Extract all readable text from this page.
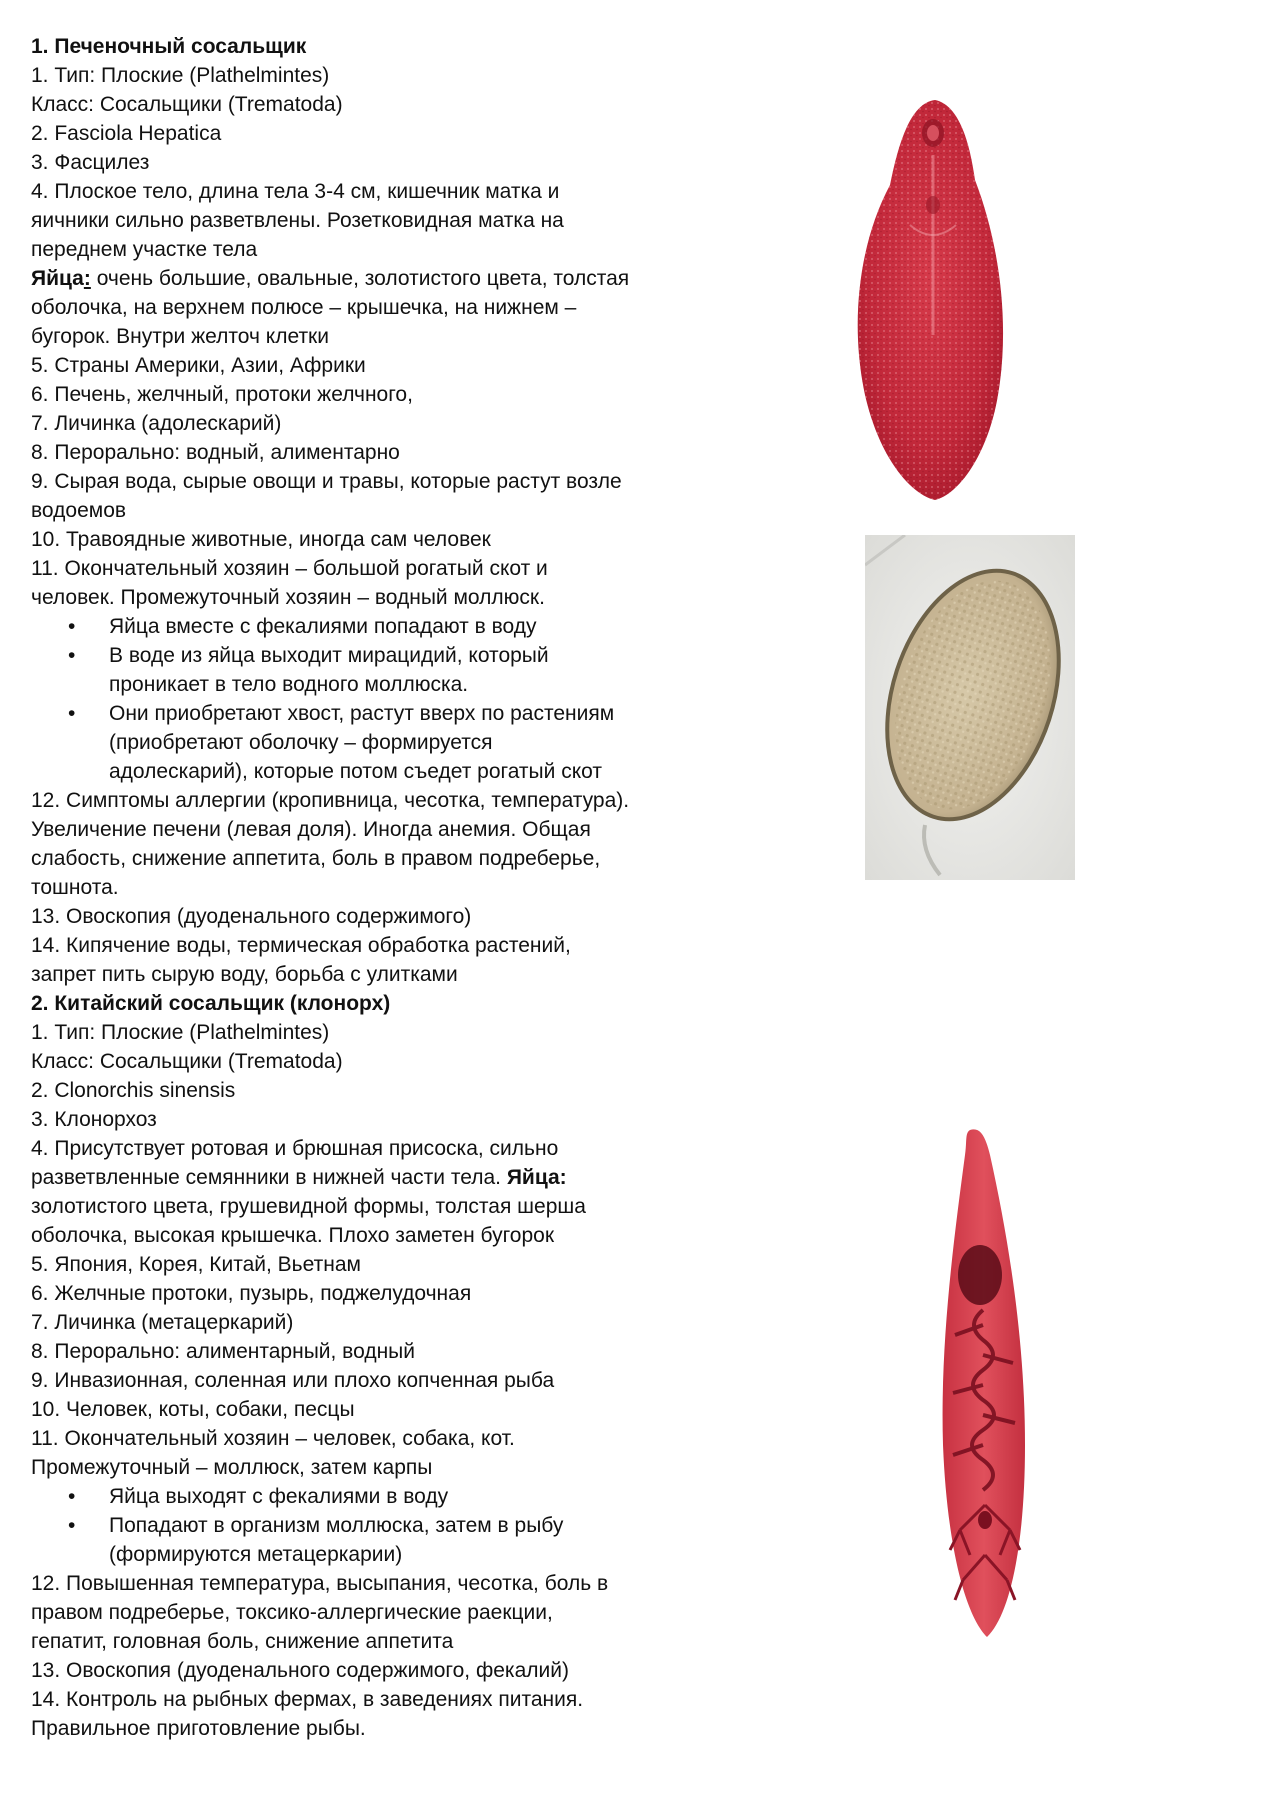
1. Печеночный сосальщик

1. Тип: Плоские (Plathelmintes)

Класс: Сосальщики (Trematoda)

2. Fasciola Hepatica

3. Фасцилез

4. Плоское тело, длина тела 3-4 см, кишечник матка и яичники сильно разветвлены. Розетковидная матка на переднем участке тела

Яйца: очень большие, овальные, золотистого цвета, толстая оболочка, на верхнем полюсе – крышечка, на нижнем – бугорок. Внутри желточ клетки

5. Страны Америки, Азии, Африки

6. Печень, желчный, протоки желчного,

7. Личинка (адолескарий)

8. Перорально: водный, алиментарно

9. Сырая вода, сырые овощи и травы, которые растут возле водоемов

10. Травоядные животные, иногда сам человек

11. Окончательный хозяин – большой рогатый скот и человек. Промежуточный хозяин – водный моллюск.

• Яйца вместе с фекалиями попадают в воду
• В воде из яйца выходит мирацидий, который проникает в тело водного моллюска.
• Они приобретают хвост, растут вверх по растениям (приобретают оболочку – формируется адолескарий), которые потом съедет рогатый скот

12. Симптомы аллергии (кропивница, чесотка, температура). Увеличение печени (левая доля). Иногда анемия. Общая слабость, снижение аппетита, боль в правом подреберье, тошнота.

13. Овоскопия (дуоденального содержимого)

14. Кипячение воды, термическая обработка растений, запрет пить сырую воду, борьба с улитками

2. Китайский сосальщик (клонорх)

1. Тип: Плоские (Plathelmintes)

Класс: Сосальщики (Trematoda)

2. Clonorchis sinensis

3. Клонорхоз

4. Присутствует ротовая и брюшная присоска, сильно разветвленные семянники в нижней части тела. Яйца: золотистого цвета, грушевидной формы, толстая шерша оболочка, высокая крышечка. Плохо заметен бугорок

5. Япония, Корея, Китай, Вьетнам

6. Желчные протоки, пузырь, поджелудочная

7. Личинка (метацеркарий)

8. Перорально: алиментарный, водный

9. Инвазионная, соленная или плохо копченная рыба

10. Человек, коты, собаки, песцы

11. Окончательный хозяин – человек, собака, кот. Промежуточный – моллюск, затем карпы

• Яйца выходят с фекалиями в воду
• Попадают в организм моллюска, затем в рыбу (формируются метацеркарии)

12. Повышенная температура, высыпания, чесотка, боль в правом подреберье, токсико-аллергические раекции, гепатит, головная боль, снижение аппетита

13. Овоскопия (дуоденального содержимого, фекалий)

14. Контроль на рыбных фермах, в заведениях питания. Правильное приготовление рыбы.
